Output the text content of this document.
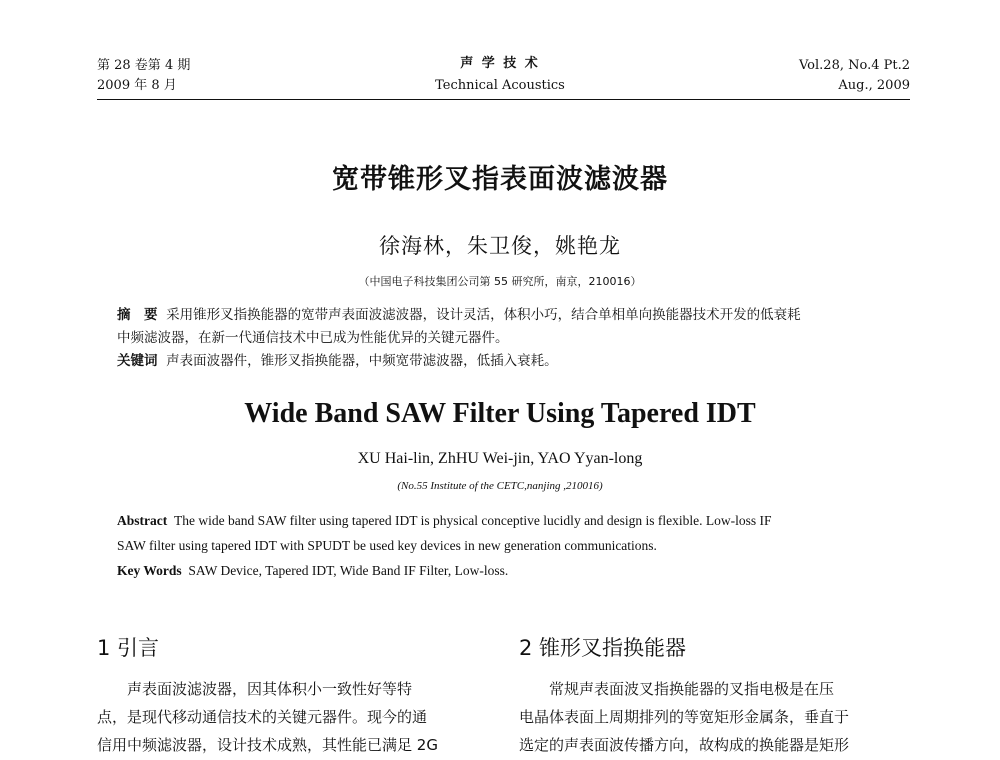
第 28 卷第 4 期
2009 年 8 月
声 学 技 术
Technical Acoustics
Vol.28, No.4 Pt.2
Aug., 2009
宽带锥形叉指表面波滤波器
徐海林，朱卫俊，姚艳龙
（中国电子科技集团公司第 55 研究所，南京，210016）
摘　要 采用锥形叉指换能器的宽带声表面波滤波器，设计灵活，体积小巧，结合单相单向换能器技术开发的低衰耗
中频滤波器，在新一代通信技术中已成为性能优异的关键元器件。
关键词 声表面波器件，锥形叉指换能器，中频宽带滤波器，低插入衰耗。
Wide Band SAW Filter Using Tapered IDT
XU Hai-lin, ZhHU Wei-jin, YAO Yyan-long
(No.55 Institute of the CETC,nanjing ,210016)
Abstract The wide band SAW filter using tapered IDT is physical conceptive lucidly and design is flexible. Low-loss IF
SAW filter using tapered IDT with SPUDT be used key devices in new generation communications.
Key Words SAW Device, Tapered IDT, Wide Band IF Filter, Low-loss.
1 引言	2 锥形叉指换能器

　　声表面波滤波器，因其体积小一致性好等特

点，是现代移动通信技术的关键元器件。现今的通

信用中频滤波器，设计技术成熟，其性能已满足 2G

　　常规声表面波叉指换能器的叉指电极是在压

电晶体表面上周期排列的等宽矩形金属条，垂直于

选定的声表面波传播方向，故构成的换能器是矩形
